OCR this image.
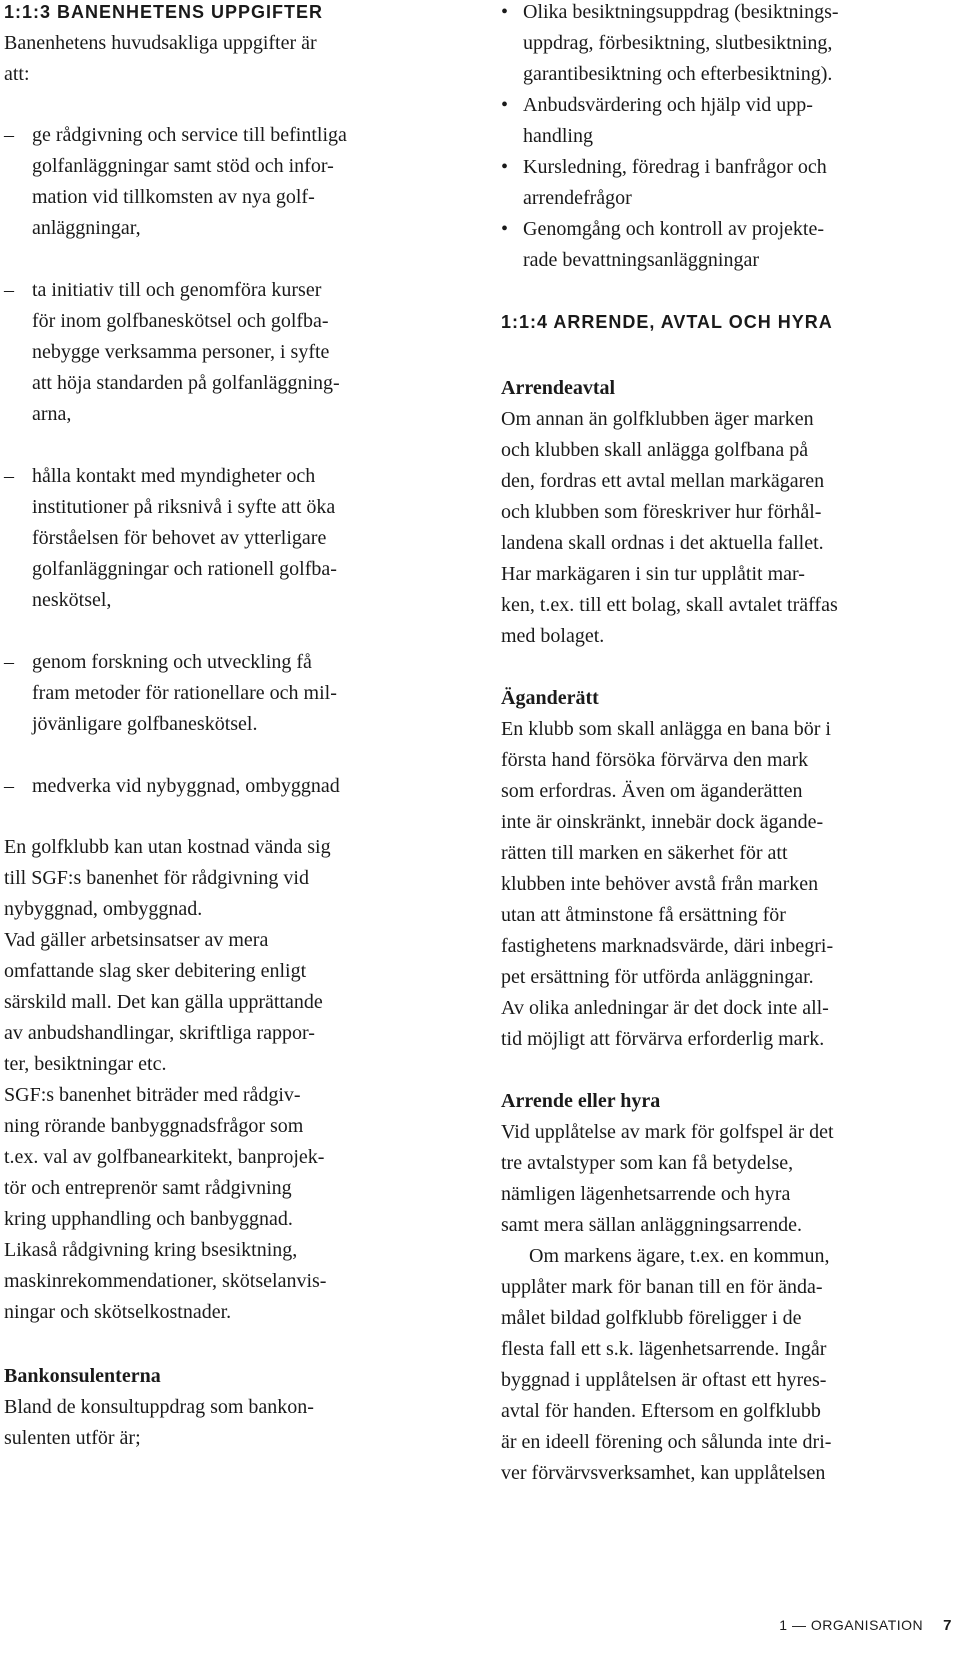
1:1:3 BANENHETENS UPPGIFTER
Banenhetens huvudsakliga uppgifter är
att:
– ge rådgivning och service till befintliga
golfanläggningar samt stöd och infor-
mation vid tillkomsten av nya golf-
anläggningar,
– ta initiativ till och genomföra kurser
för inom golfbaneskötsel och golfba-
nebygge verksamma personer, i syfte
att höja standarden på golfanläggning-
arna,
– hålla kontakt med myndigheter och
institutioner på riksnivå i syfte att öka
förståelsen för behovet av ytterligare
golfanläggningar och rationell golfba-
neskötsel,
– genom forskning och utveckling få
fram metoder för rationellare och mil-
jövänligare golfbaneskötsel.
– medverka vid nybyggnad, ombyggnad
En golfklubb kan utan kostnad vända sig
till SGF:s banenhet för rådgivning vid
nybyggnad, ombyggnad.
Vad gäller arbetsinsatser av mera
omfattande slag sker debitering enligt
särskild mall. Det kan gälla upprättande
av anbudshandlingar, skriftliga rappor-
ter, besiktningar etc.
SGF:s banenhet biträder med rådgiv-
ning rörande banbyggnadsfrågor som
t.ex. val av golfbanearkitekt, banprojek-
tör och entreprenör samt rådgivning
kring upphandling och banbyggnad.
Likaså rådgivning kring bsesiktning,
maskinrekommendationer, skötselanvis-
ningar och skötselkostnader.
Bankonsulenterna
Bland de konsultuppdrag som bankon-
sulenten utför är;
• Olika besiktningsuppdrag (besiktnings-
uppdrag, förbesiktning, slutbesiktning,
garantibesiktning och efterbesiktning).
• Anbudsvärdering och hjälp vid upp-
handling
• Kursledning, föredrag i banfrågor och
arrendefrågor
• Genomgång och kontroll av projekte-
rade bevattningsanläggningar
1:1:4 ARRENDE, AVTAL OCH HYRA
Arrendeavtal
Om annan än golfklubben äger marken
och klubben skall anlägga golfbana på
den, fordras ett avtal mellan markägaren
och klubben som föreskriver hur förhål-
landena skall ordnas i det aktuella fallet.
Har markägaren i sin tur upplåtit mar-
ken, t.ex. till ett bolag, skall avtalet träffas
med bolaget.
Äganderätt
En klubb som skall anlägga en bana bör i
första hand försöka förvärva den mark
som erfordras. Även om äganderätten
inte är oinskränkt, innebär dock ägande-
rätten till marken en säkerhet för att
klubben inte behöver avstå från marken
utan att åtminstone få ersättning för
fastighetens marknadsvärde, däri inbegri-
pet ersättning för utförda anläggningar.
Av olika anledningar är det dock inte all-
tid möjligt att förvärva erforderlig mark.
Arrende eller hyra
Vid upplåtelse av mark för golfspel är det
tre avtalstyper som kan få betydelse,
nämligen lägenhetsarrende och hyra
samt mera sällan anläggningsarrende.
Om markens ägare, t.ex. en kommun,
upplåter mark för banan till en för ända-
målet bildad golfklubb föreligger i de
flesta fall ett s.k. lägenhetsarrende. Ingår
byggnad i upplåtelsen är oftast ett hyres-
avtal för handen. Eftersom en golfklubb
är en ideell förening och sålunda inte dri-
ver förvärvsverksamhet, kan upplåtelsen
1 — ORGANISATION 7
